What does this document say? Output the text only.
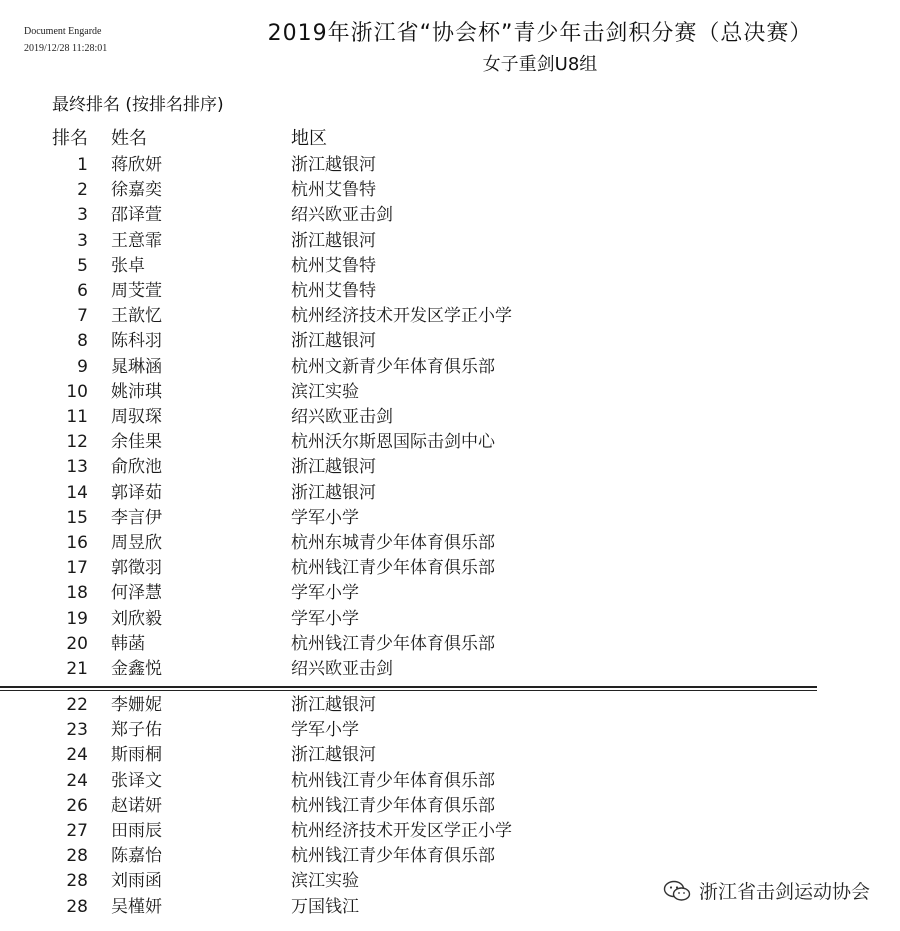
Document Engarde
2019/12/28 11:28:01
2019年浙江省“协会杯”青少年击剑积分赛（总决赛）
女子重剑U8组
最终排名 (按排名排序)
排名 姓名	地区
1 蒋欣妍	浙江越银河
2 徐嘉奕	杭州艾鲁特
3 邵译萱	绍兴欧亚击剑
3 王意霏	浙江越银河
5 张卓	杭州艾鲁特
6 周芠萱	杭州艾鲁特
7 王歆忆	杭州经济技术开发区学正小学
8 陈科羽	浙江越银河
9 晁琳涵	杭州文新青少年体育俱乐部
10 姚沛琪	滨江实验
11 周驭琛	绍兴欧亚击剑
12 余佳果	杭州沃尔斯恩国际击剑中心
13 俞欣池	浙江越银河
14 郭译茹	浙江越银河
15 李言伊	学军小学
16 周昱欣	杭州东城青少年体育俱乐部
17 郭徵羽	杭州钱江青少年体育俱乐部
18 何泽慧	学军小学
19 刘欣毅	学军小学
20 韩菡	杭州钱江青少年体育俱乐部
21 金鑫悦	绍兴欧亚击剑
22 李姗妮	浙江越银河
23 郑子佑	学军小学
24 斯雨桐	浙江越银河
24 张译文	杭州钱江青少年体育俱乐部
26 赵诺妍	杭州钱江青少年体育俱乐部
27 田雨辰	杭州经济技术开发区学正小学
28 陈嘉怡	杭州钱江青少年体育俱乐部
28 刘雨函	滨江实验
28 吴槿妍	万国钱江
浙江省击剑运动协会
